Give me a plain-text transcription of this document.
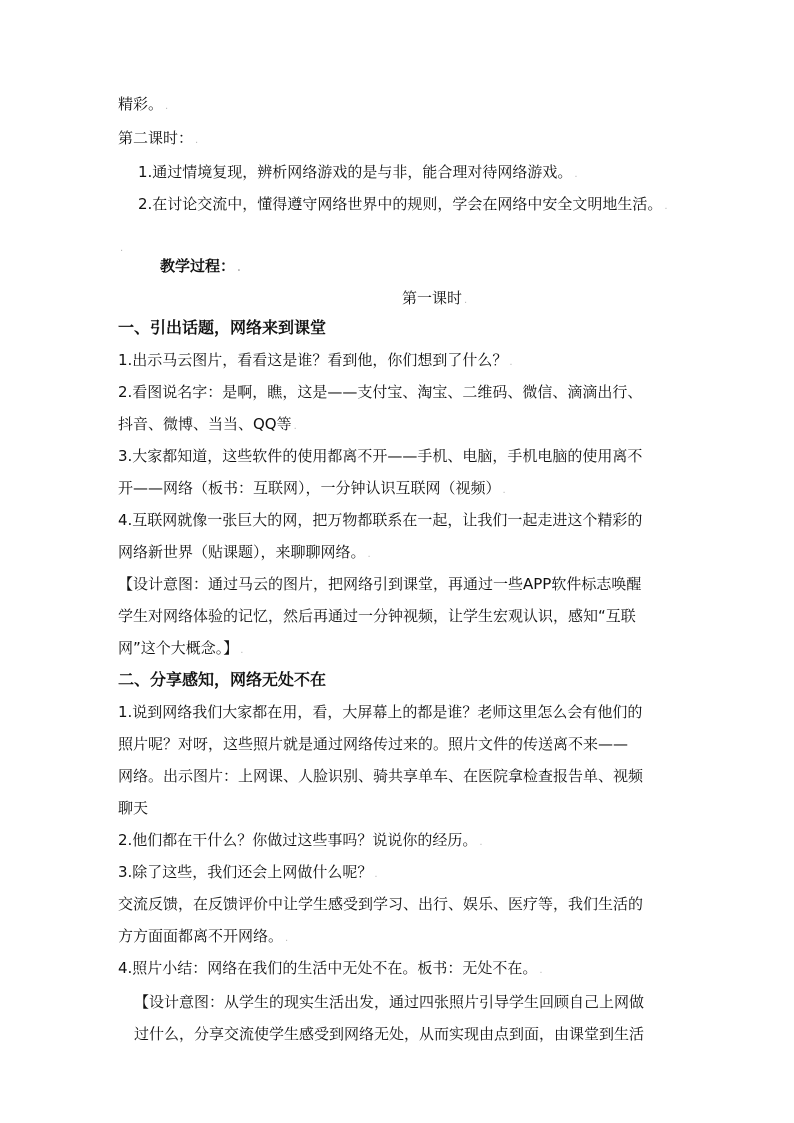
精彩。 .
第二课时： .
1.通过情境复现，辨析网络游戏的是与非，能合理对待网络游戏。 .
2.在讨论交流中，懂得遵守网络世界中的规则，学会在网络中安全文明地生活。 .
.
教学过程： .
第一课时 .
一、引出话题，网络来到课堂
1.出示马云图片，看看这是谁？看到他，你们想到了什么？ .
2.看图说名字：是啊，瞧，这是——支付宝、淘宝、二维码、微信、滴滴出行、
抖音、微博、当当、QQ等 .
3.大家都知道，这些软件的使用都离不开——手机、电脑，手机电脑的使用离不
开——网络（板书：互联网），一分钟认识互联网（视频） .
4.互联网就像一张巨大的网，把万物都联系在一起，让我们一起走进这个精彩的
网络新世界（贴课题），来聊聊网络。 .
【设计意图：通过马云的图片，把网络引到课堂，再通过一些APP软件标志唤醒
学生对网络体验的记忆，然后再通过一分钟视频，让学生宏观认识，感知“互联
网”这个大概念。】 .
二、分享感知，网络无处不在
1.说到网络我们大家都在用，看，大屏幕上的都是谁？老师这里怎么会有他们的
照片呢？对呀，这些照片就是通过网络传过来的。照片文件的传送离不来——
网络。出示图片：上网课、人脸识别、骑共享单车、在医院拿检查报告单、视频
聊天
2.他们都在干什么？你做过这些事吗？说说你的经历。 .
3.除了这些，我们还会上网做什么呢？ .
交流反馈，在反馈评价中让学生感受到学习、出行、娱乐、医疗等，我们生活的
方方面面都离不开网络。 .
4.照片小结：网络在我们的生活中无处不在。板书：无处不在。 .
【设计意图：从学生的现实生活出发，通过四张照片引导学生回顾自己上网做
过什么，分享交流使学生感受到网络无处，从而实现由点到面，由课堂到生活
